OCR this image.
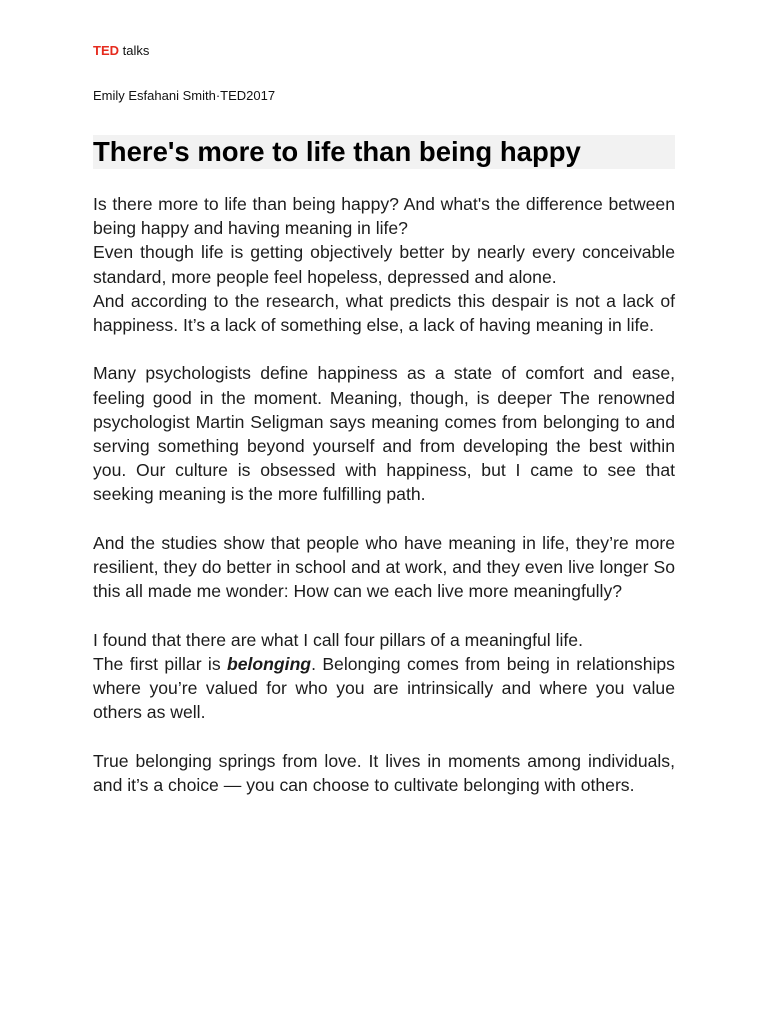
TED talks
Emily Esfahani Smith·TED2017
There's more to life than being happy

Is there more to life than being happy? And what's the difference between being happy and having meaning in life?

Even though life is getting objectively better by nearly every conceivable standard, more people feel hopeless, depressed and alone.

And according to the research, what predicts this despair is not a lack of happiness. It’s a lack of something else, a lack of having meaning in life.

Many psychologists define happiness as a state of comfort and ease, feeling good in the moment. Meaning, though, is deeper The renowned psychologist Martin Seligman says meaning comes from belonging to and serving something beyond yourself and from developing the best within you. Our culture is obsessed with happiness, but I came to see that seeking meaning is the more fulfilling path.

And the studies show that people who have meaning in life, they’re more resilient, they do better in school and at work, and they even live longer So this all made me wonder: How can we each live more meaningfully?

I found that there are what I call four pillars of a meaningful life.

The first pillar is belonging. Belonging comes from being in relationships where you’re valued for who you are intrinsically and where you value others as well.

True belonging springs from love. It lives in moments among individuals, and it’s a choice — you can choose to cultivate belonging with others.
